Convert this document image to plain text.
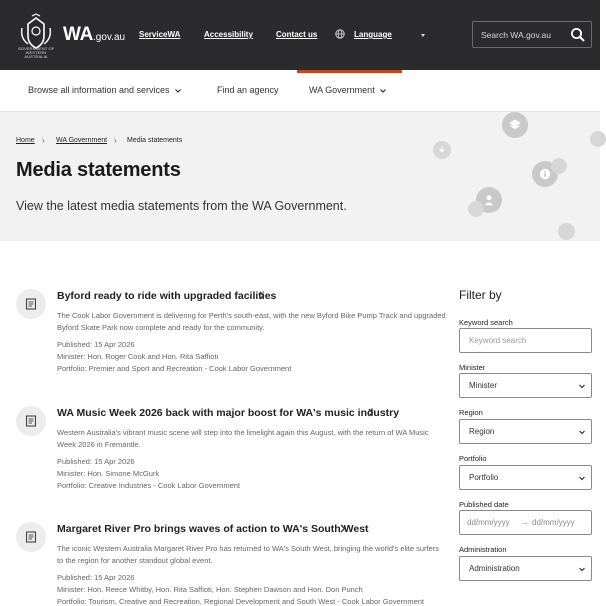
GOVERNMENT OF WESTERN AUSTRALIA
WA.gov.au ServiceWA	Accessibility	Contact us	Language
Search WA.gov.au
Browse all information and services	Find an agency	WA Government
Home › WA Government › Media statements
Media statements

View the latest media statements from the WA Government.

Byford ready to ride with upgraded facilities

The Cook Labor Government is delivering for Perth's south-east, with the new Byford Bike Pump Track and upgraded Byford Skate Park now complete and ready for the community.

Published: 15 Apr 2026
Minister: Hon. Roger Cook and Hon. Rita Saffioti
Portfolio: Premier and Sport and Recreation - Cook Labor Government
WA Music Week 2026 back with major boost for WA's music industry

Western Australia's vibrant music scene will step into the limelight again this August, with the return of WA Music Week 2026 in Fremantle.

Published: 15 Apr 2026
Minister: Hon. Simone McGurk
Portfolio: Creative Industries - Cook Labor Government
Margaret River Pro brings waves of action to WA's South West

The iconic Western Australia Margaret River Pro has returned to WA's South West, bringing the world's elite surfers to the region for another standout global event.

Published: 15 Apr 2026
Minister: Hon. Reece Whitby, Hon. Rita Saffioti, Hon. Stephen Dawson and Hon. Don Punch
Portfolio: Tourism, Creative and Recreation, Regional Development and South West - Cook Labor Government
Filter by
Keyword search
Keyword search
Minister
Minister
Region
Region
Portfolio
Portfolio
Published date
dd/mm/yyyy → dd/mm/yyyy
Administration
Administration
